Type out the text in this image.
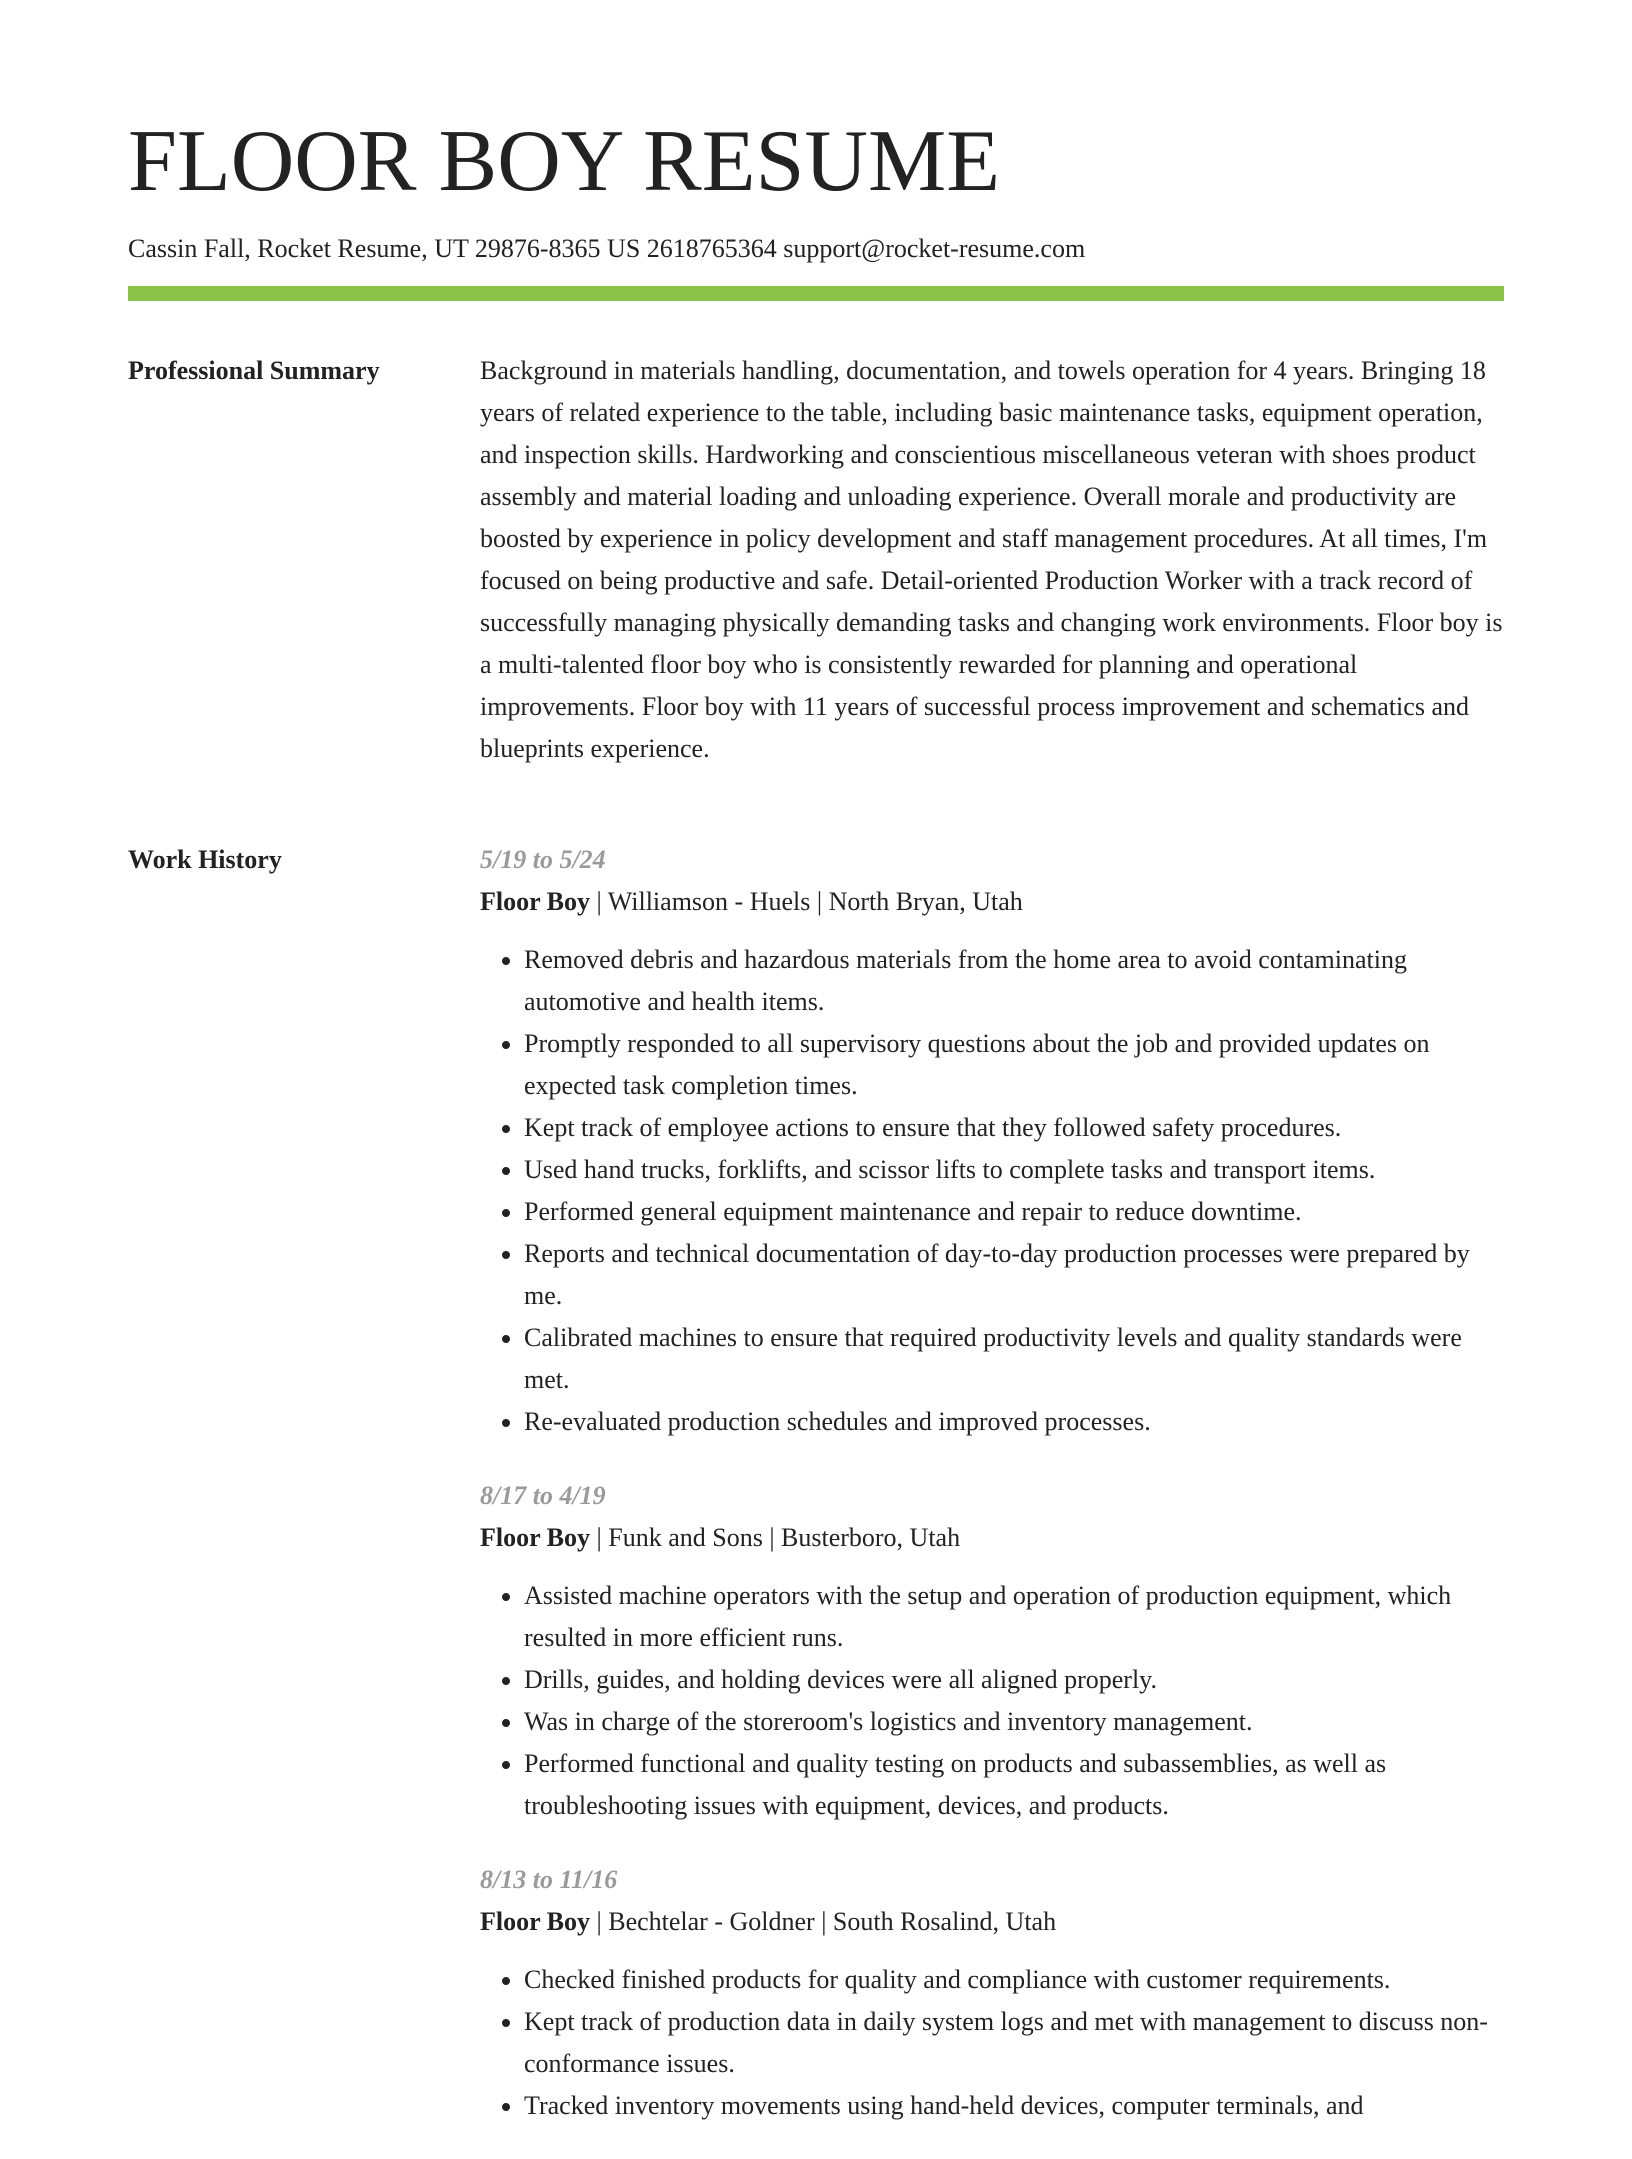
FLOOR BOY RESUME
Cassin Fall, Rocket Resume, UT 29876-8365 US 2618765364 support@rocket-resume.com
Professional Summary	Background in materials handling, documentation, and towels operation for 4 years. Bringing 18 years of related experience to the table, including basic maintenance tasks, equipment operation, and inspection skills. Hardworking and conscientious miscellaneous veteran with shoes product assembly and material loading and unloading experience. Overall morale and productivity are boosted by experience in policy development and staff management procedures. At all times, I'm focused on being productive and safe. Detail-oriented Production Worker with a track record of successfully managing physically demanding tasks and changing work environments. Floor boy is a multi-talented floor boy who is consistently rewarded for planning and operational improvements. Floor boy with 11 years of successful process improvement and schematics and blueprints experience.

Work History	5/19 to 5/24
Floor Boy | Williamson - Huels | North Bryan, Utah
• Removed debris and hazardous materials from the home area to avoid contaminating automotive and health items.
• Promptly responded to all supervisory questions about the job and provided updates on expected task completion times.
• Kept track of employee actions to ensure that they followed safety procedures.
• Used hand trucks, forklifts, and scissor lifts to complete tasks and transport items.
• Performed general equipment maintenance and repair to reduce downtime.
• Reports and technical documentation of day-to-day production processes were prepared by me.
• Calibrated machines to ensure that required productivity levels and quality standards were met.
• Re-evaluated production schedules and improved processes.
8/17 to 4/19
Floor Boy | Funk and Sons | Busterboro, Utah
• Assisted machine operators with the setup and operation of production equipment, which resulted in more efficient runs.
• Drills, guides, and holding devices were all aligned properly.
• Was in charge of the storeroom's logistics and inventory management.
• Performed functional and quality testing on products and subassemblies, as well as troubleshooting issues with equipment, devices, and products.
8/13 to 11/16
Floor Boy | Bechtelar - Goldner | South Rosalind, Utah
• Checked finished products for quality and compliance with customer requirements.
• Kept track of production data in daily system logs and met with management to discuss non-conformance issues.
• Tracked inventory movements using hand-held devices, computer terminals, and
